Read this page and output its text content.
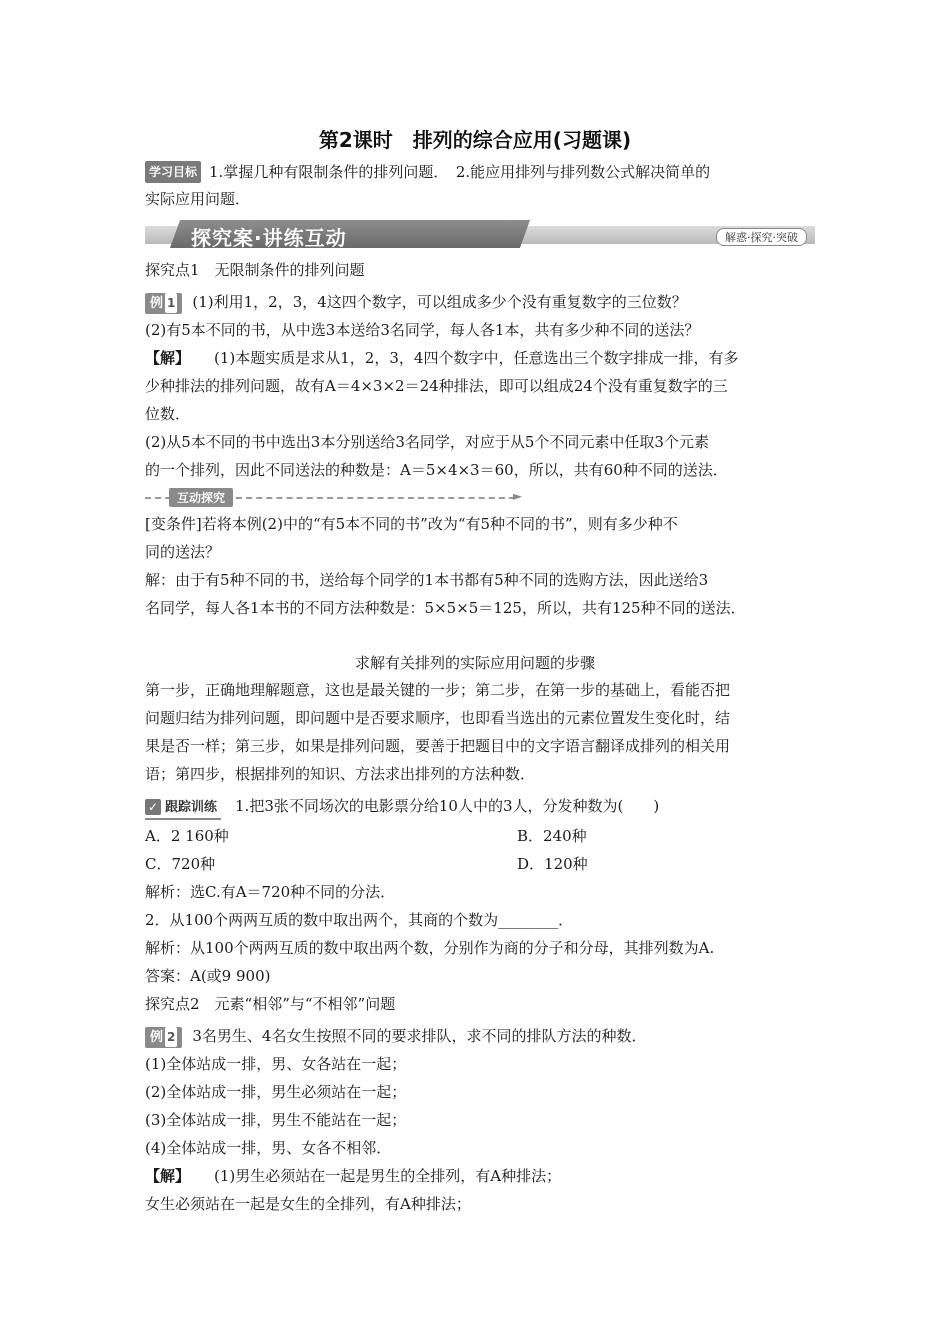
第2课时　排列的综合应用(习题课)
学习目标 1.掌握几种有限制条件的排列问题．　2.能应用排列与排列数公式解决简单的
实际应用问题．
探究案·讲练互动	解惑·探究·突破
探究点1　无限制条件的排列问题
例 1 (1)利用1，2，3，4这四个数字，可以组成多少个没有重复数字的三位数？
(2)有5本不同的书，从中选3本送给3名同学，每人各1本，共有多少种不同的送法？
【解】 (1)本题实质是求从1，2，3，4四个数字中，任意选出三个数字排成一排，有多
少种排法的排列问题，故有A＝4×3×2＝24种排法，即可以组成24个没有重复数字的三
位数．
(2)从5本不同的书中选出3本分别送给3名同学，对应于从5个不同元素中任取3个元素
的一个排列，因此不同送法的种数是：A＝5×4×3＝60，所以，共有60种不同的送法．
互动探究	►
[变条件]若将本例(2)中的“有5本不同的书”改为“有5种不同的书”，则有多少种不
同的送法？
解：由于有5种不同的书，送给每个同学的1本书都有5种不同的选购方法，因此送给3
名同学，每人各1本书的不同方法种数是：5×5×5＝125，所以，共有125种不同的送法．
求解有关排列的实际应用问题的步骤
第一步，正确地理解题意，这也是最关键的一步；第二步，在第一步的基础上，看能否把
问题归结为排列问题，即问题中是否要求顺序，也即看当选出的元素位置发生变化时，结
果是否一样；第三步，如果是排列问题，要善于把题目中的文字语言翻译成排列的相关用
语；第四步，根据排列的知识、方法求出排列的方法种数．
✓ 跟踪训练 1.把3张不同场次的电影票分给10人中的3人，分发种数为(　　)
A．2 160种	B．240种
C．720种	D．120种
解析：选C.有A＝720种不同的分法．
2．从100个两两互质的数中取出两个，其商的个数为________．
解析：从100个两两互质的数中取出两个数，分别作为商的分子和分母，其排列数为A.
答案：A(或9 900)
探究点2　元素“相邻”与“不相邻”问题
例 2 3名男生、4名女生按照不同的要求排队，求不同的排队方法的种数．
(1)全体站成一排，男、女各站在一起；
(2)全体站成一排，男生必须站在一起；
(3)全体站成一排，男生不能站在一起；
(4)全体站成一排，男、女各不相邻．
【解】 (1)男生必须站在一起是男生的全排列，有A种排法；
女生必须站在一起是女生的全排列，有A种排法；
